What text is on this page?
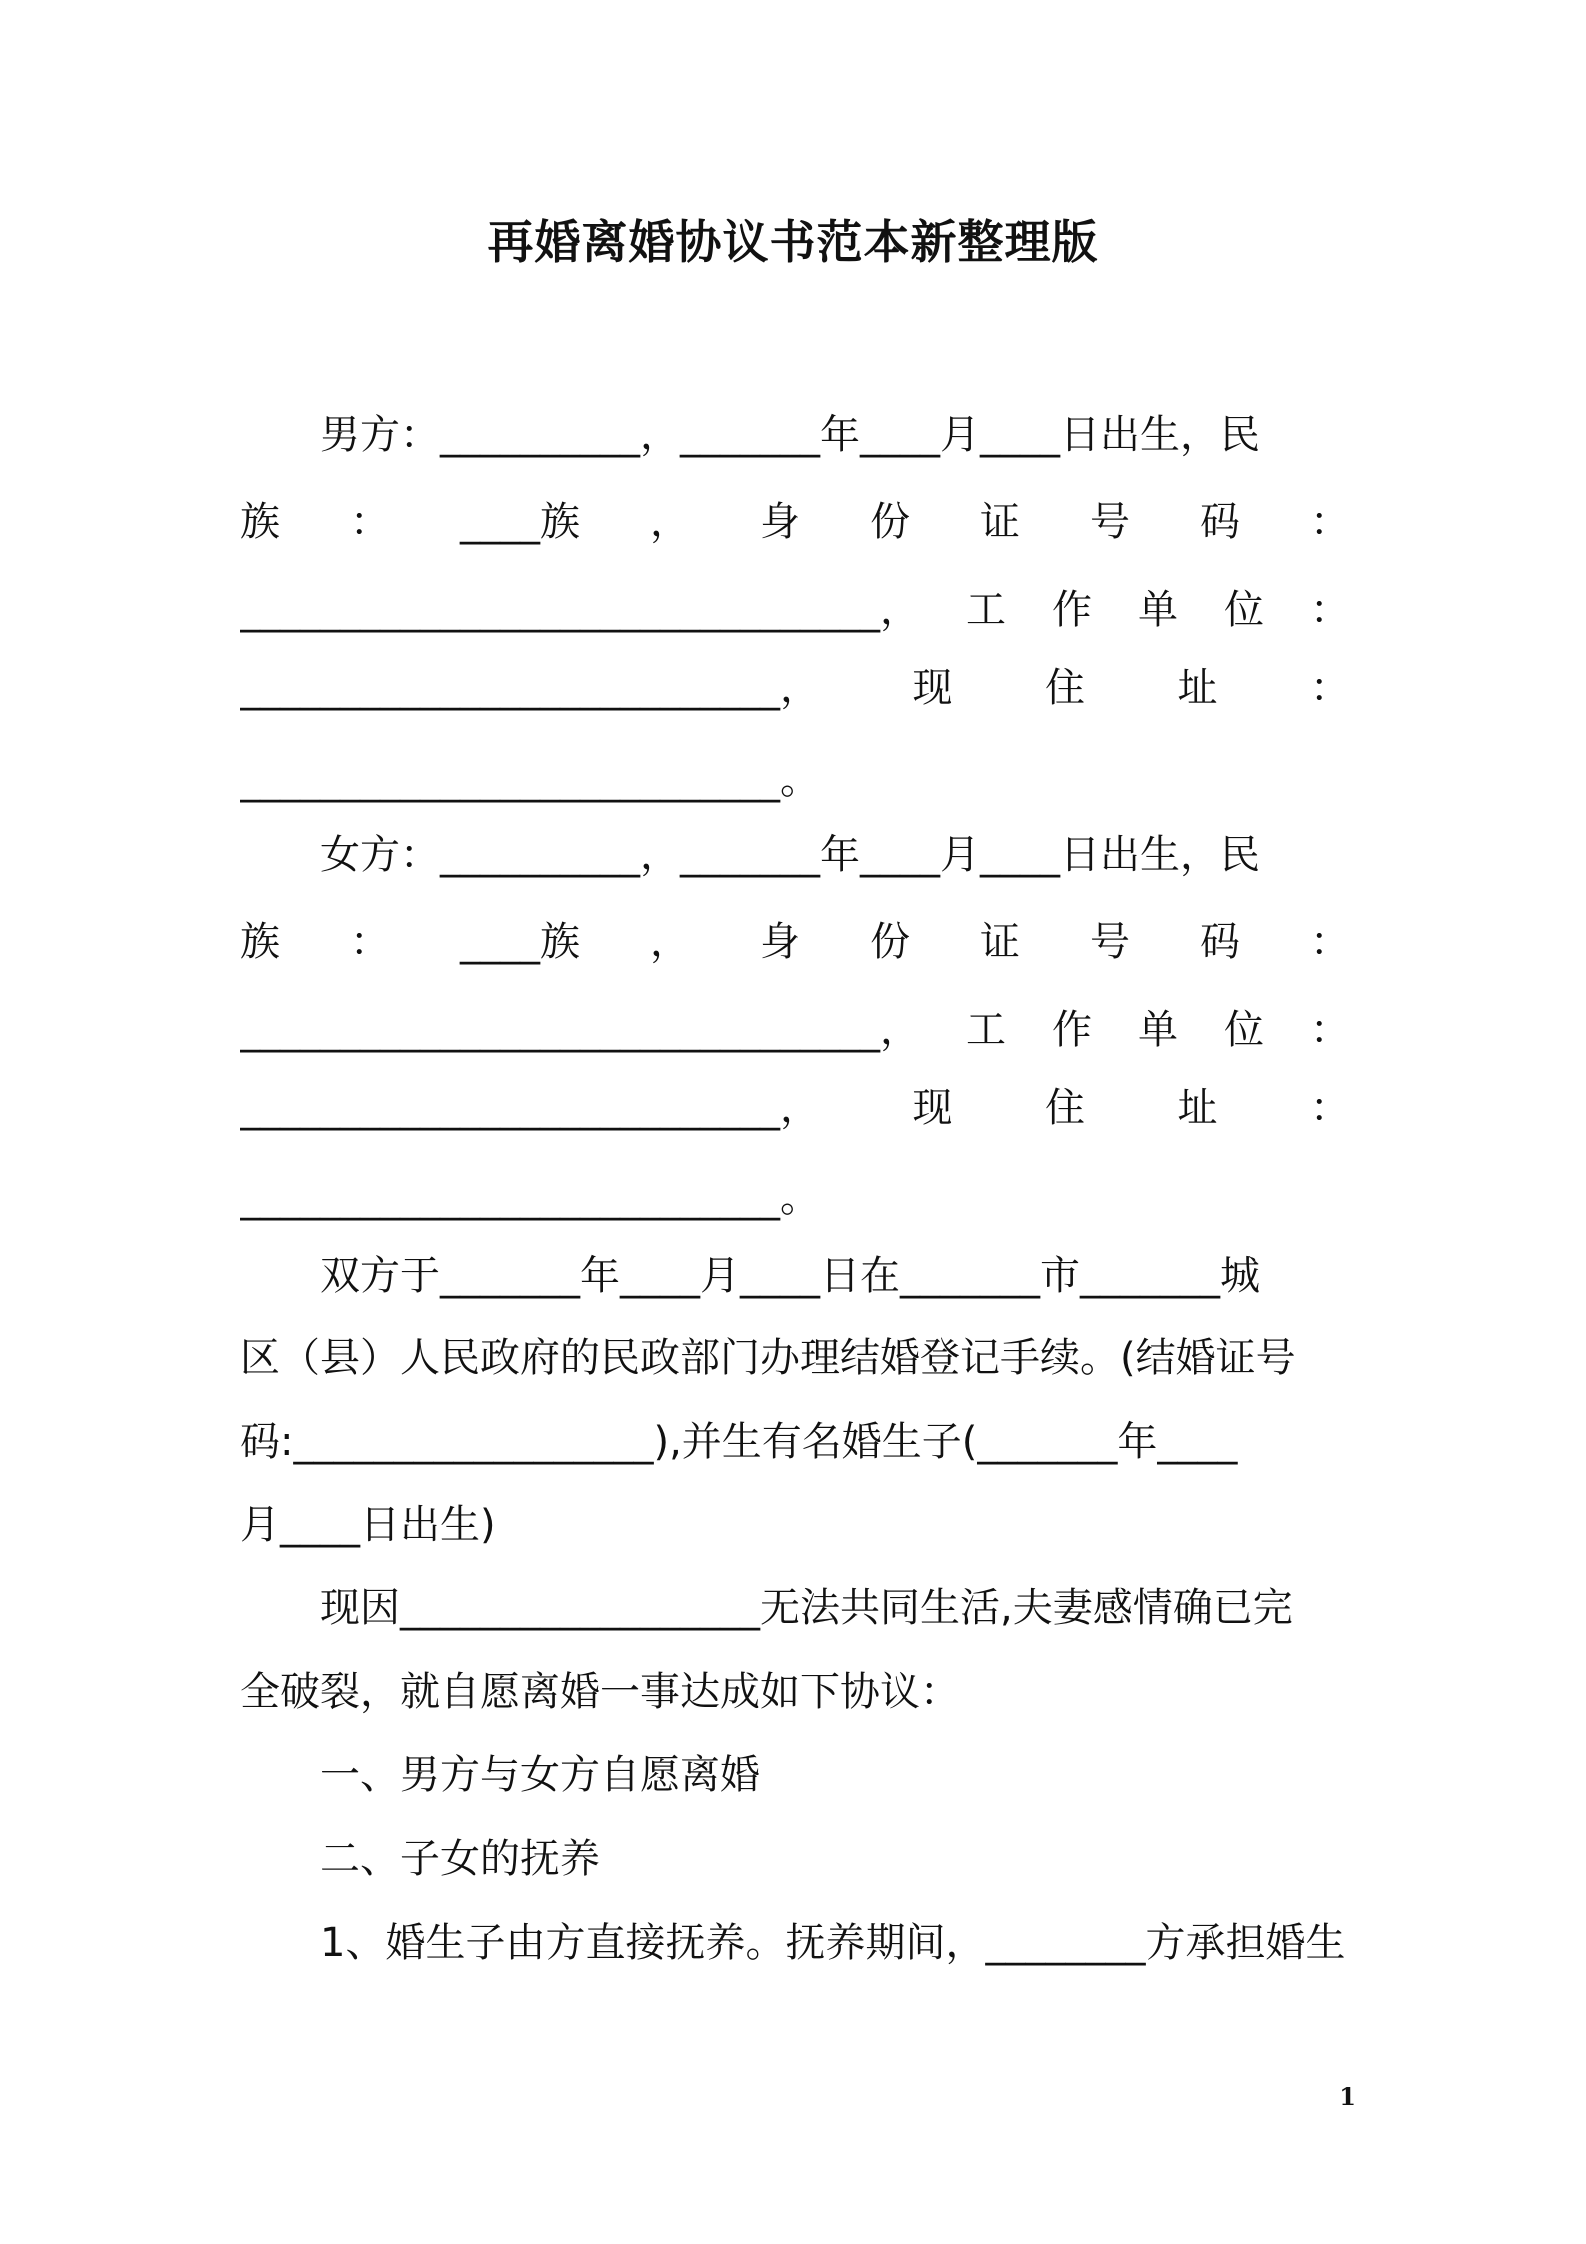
再婚离婚协议书范本新整理版
男方：__________，_______年____月____日出生，民
族 ： ____族 ， 身 份 证 号 码 ：
________________________________， 工 作 单 位 ：
___________________________， 现 住 址 ：
___________________________。
女方：__________，_______年____月____日出生，民
族 ： ____族 ， 身 份 证 号 码 ：
________________________________， 工 作 单 位 ：
___________________________， 现 住 址 ：
___________________________。
双方于_______年____月____日在_______市_______城
区（县）人民政府的民政部门办理结婚登记手续。(结婚证号
码:__________________),并生有名婚生子(_______年____
月____日出生)
现因__________________无法共同生活,夫妻感情确已完
全破裂，就自愿离婚一事达成如下协议：
一、男方与女方自愿离婚
二、子女的抚养
1、婚生子由方直接抚养。抚养期间，________方承担婚生
1
